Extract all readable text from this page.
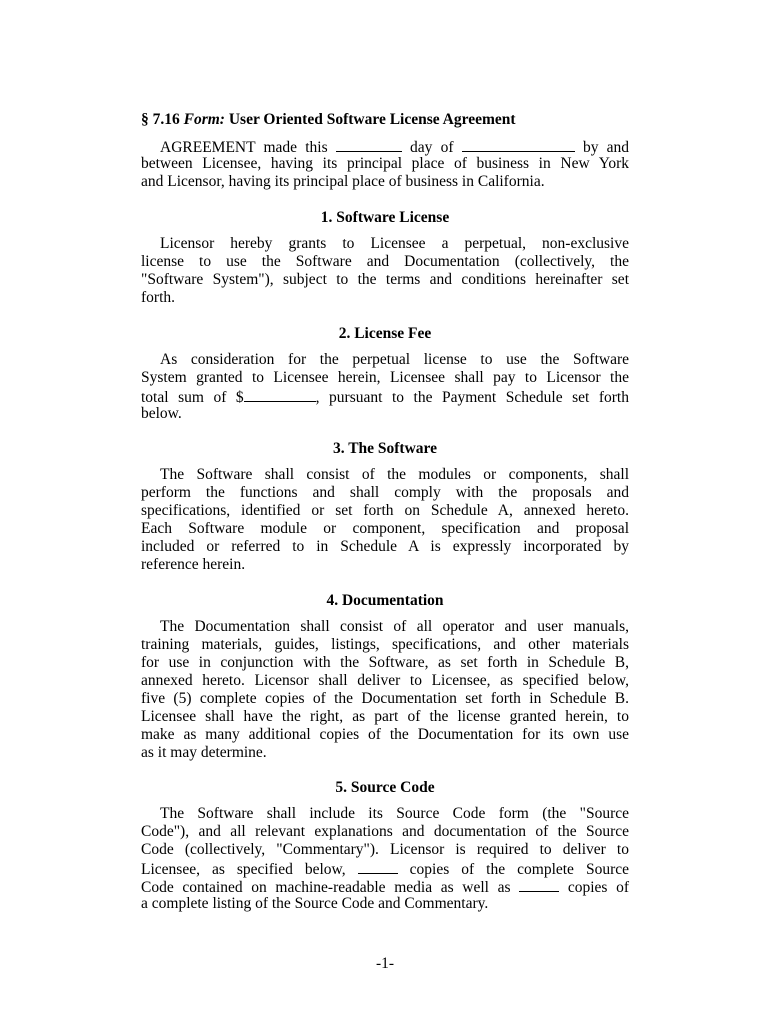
§ 7.16 Form: User Oriented Software License Agreement
AGREEMENT made this	day of	by and
between Licensee, having its principal place of business in New York
and Licensor, having its principal place of business in California.
1. Software License
Licensor hereby grants to Licensee a perpetual, non-exclusive
license to use the Software and Documentation (collectively, the
"Software System"), subject to the terms and conditions hereinafter set
forth.
2. License Fee
As consideration for the perpetual license to use the Software
System granted to Licensee herein, Licensee shall pay to Licensor the
total sum of $	, pursuant to the Payment Schedule set forth
below.
3. The Software
The Software shall consist of the modules or components, shall
perform the functions and shall comply with the proposals and
specifications, identified or set forth on Schedule A, annexed hereto.
Each Software module or component, specification and proposal
included or referred to in Schedule A is expressly incorporated by
reference herein.
4. Documentation
The Documentation shall consist of all operator and user manuals,
training materials, guides, listings, specifications, and other materials
for use in conjunction with the Software, as set forth in Schedule B,
annexed hereto. Licensor shall deliver to Licensee, as specified below,
five (5) complete copies of the Documentation set forth in Schedule B.
Licensee shall have the right, as part of the license granted herein, to
make as many additional copies of the Documentation for its own use
as it may determine.
5. Source Code
The Software shall include its Source Code form (the "Source
Code"), and all relevant explanations and documentation of the Source
Code (collectively, "Commentary"). Licensor is required to deliver to
Licensee, as specified below,	copies of the complete Source
Code contained on machine-readable media as well as	copies of
a complete listing of the Source Code and Commentary.
-1-
